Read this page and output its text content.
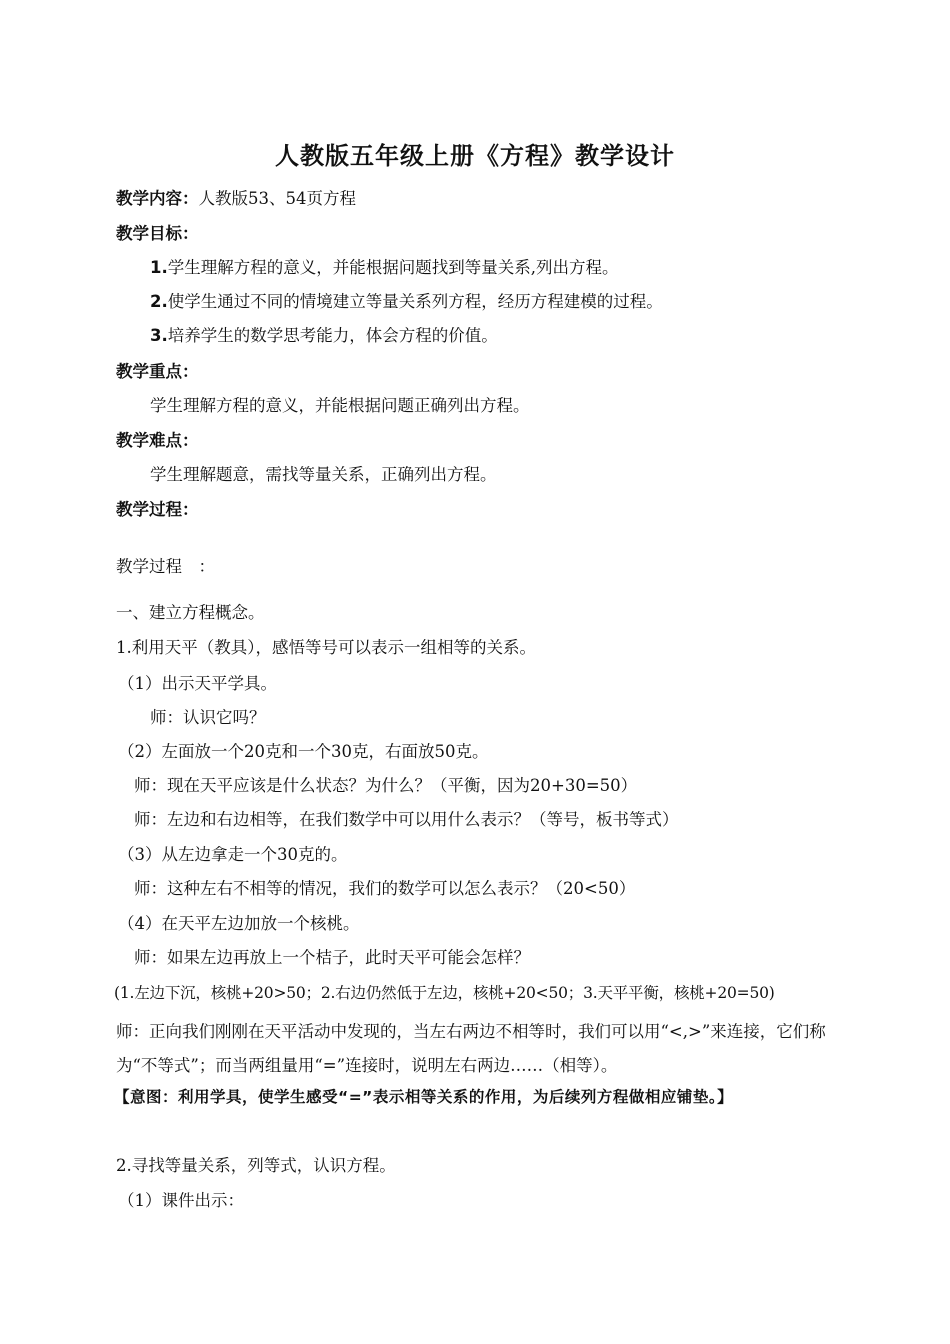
人教版五年级上册《方程》教学设计
教学内容：人教版53、54页方程
教学目标：
1.学生理解方程的意义，并能根据问题找到等量关系,列出方程。
2.使学生通过不同的情境建立等量关系列方程，经历方程建模的过程。
3.培养学生的数学思考能力，体会方程的价值。
教学重点：
学生理解方程的意义，并能根据问题正确列出方程。
教学难点：
学生理解题意，需找等量关系，正确列出方程。
教学过程：
教学过程　：
一、建立方程概念。
1.利用天平（教具），感悟等号可以表示一组相等的关系。
（1）出示天平学具。
师：认识它吗？
（2）左面放一个20克和一个30克，右面放50克。
师：现在天平应该是什么状态？为什么？（平衡，因为20+30=50）
师：左边和右边相等，在我们数学中可以用什么表示？（等号，板书等式）
（3）从左边拿走一个30克的。
师：这种左右不相等的情况，我们的数学可以怎么表示？（20<50）
（4）在天平左边加放一个核桃。
师：如果左边再放上一个桔子，此时天平可能会怎样？
(1.左边下沉，核桃+20>50；2.右边仍然低于左边，核桃+20<50；3.天平平衡，核桃+20=50)
师：正向我们刚刚在天平活动中发现的，当左右两边不相等时，我们可以用“<,>”来连接，它们称为“不等式”；而当两组量用“=”连接时，说明左右两边……（相等）。
【意图：利用学具，使学生感受“=”表示相等关系的作用，为后续列方程做相应铺垫。】
2.寻找等量关系，列等式，认识方程。
（1）课件出示：
